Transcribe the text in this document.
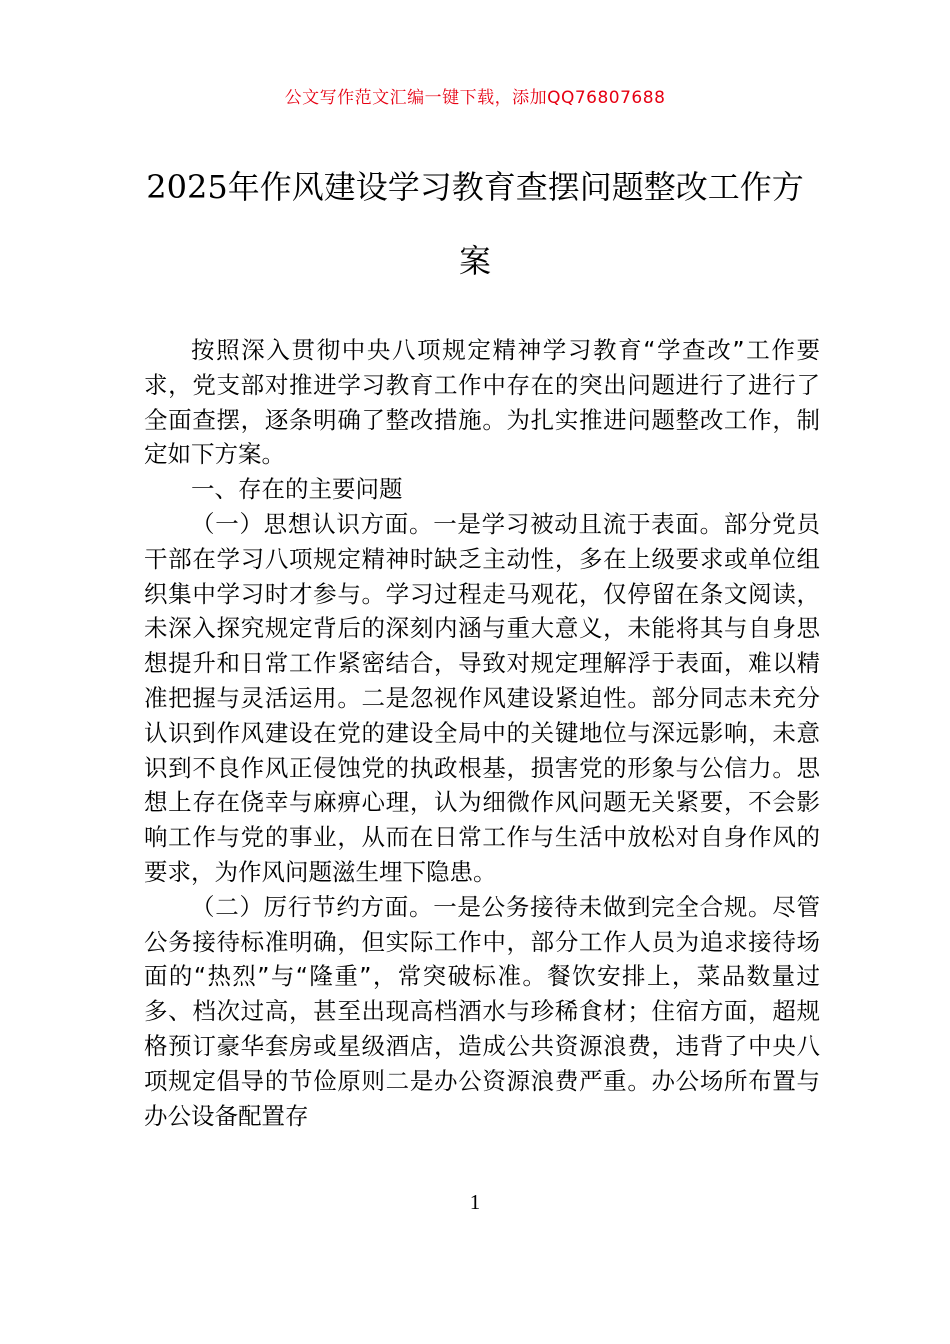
公文写作范文汇编一键下载，添加QQ76807688
2025年作风建设学习教育查摆问题整改工作方案

按照深入贯彻中央八项规定精神学习教育“学查改”工作要求，党支部对推进学习教育工作中存在的突出问题进行了进行了全面查摆，逐条明确了整改措施。为扎实推进问题整改工作，制定如下方案。

一、存在的主要问题

（一）思想认识方面。一是学习被动且流于表面。部分党员干部在学习八项规定精神时缺乏主动性，多在上级要求或单位组织集中学习时才参与。学习过程走马观花，仅停留在条文阅读，未深入探究规定背后的深刻内涵与重大意义，未能将其与自身思想提升和日常工作紧密结合，导致对规定理解浮于表面，难以精准把握与灵活运用。二是忽视作风建设紧迫性。部分同志未充分认识到作风建设在党的建设全局中的关键地位与深远影响，未意识到不良作风正侵蚀党的执政根基，损害党的形象与公信力。思想上存在侥幸与麻痹心理，认为细微作风问题无关紧要，不会影响工作与党的事业，从而在日常工作与生活中放松对自身作风的要求，为作风问题滋生埋下隐患。

（二）厉行节约方面。一是公务接待未做到完全合规。尽管公务接待标准明确，但实际工作中，部分工作人员为追求接待场面的“热烈”与“隆重”，常突破标准。餐饮安排上，菜品数量过多、档次过高，甚至出现高档酒水与珍稀食材；住宿方面，超规格预订豪华套房或星级酒店，造成公共资源浪费，违背了中央八项规定倡导的节俭原则二是办公资源浪费严重。办公场所布置与办公设备配置存

1
